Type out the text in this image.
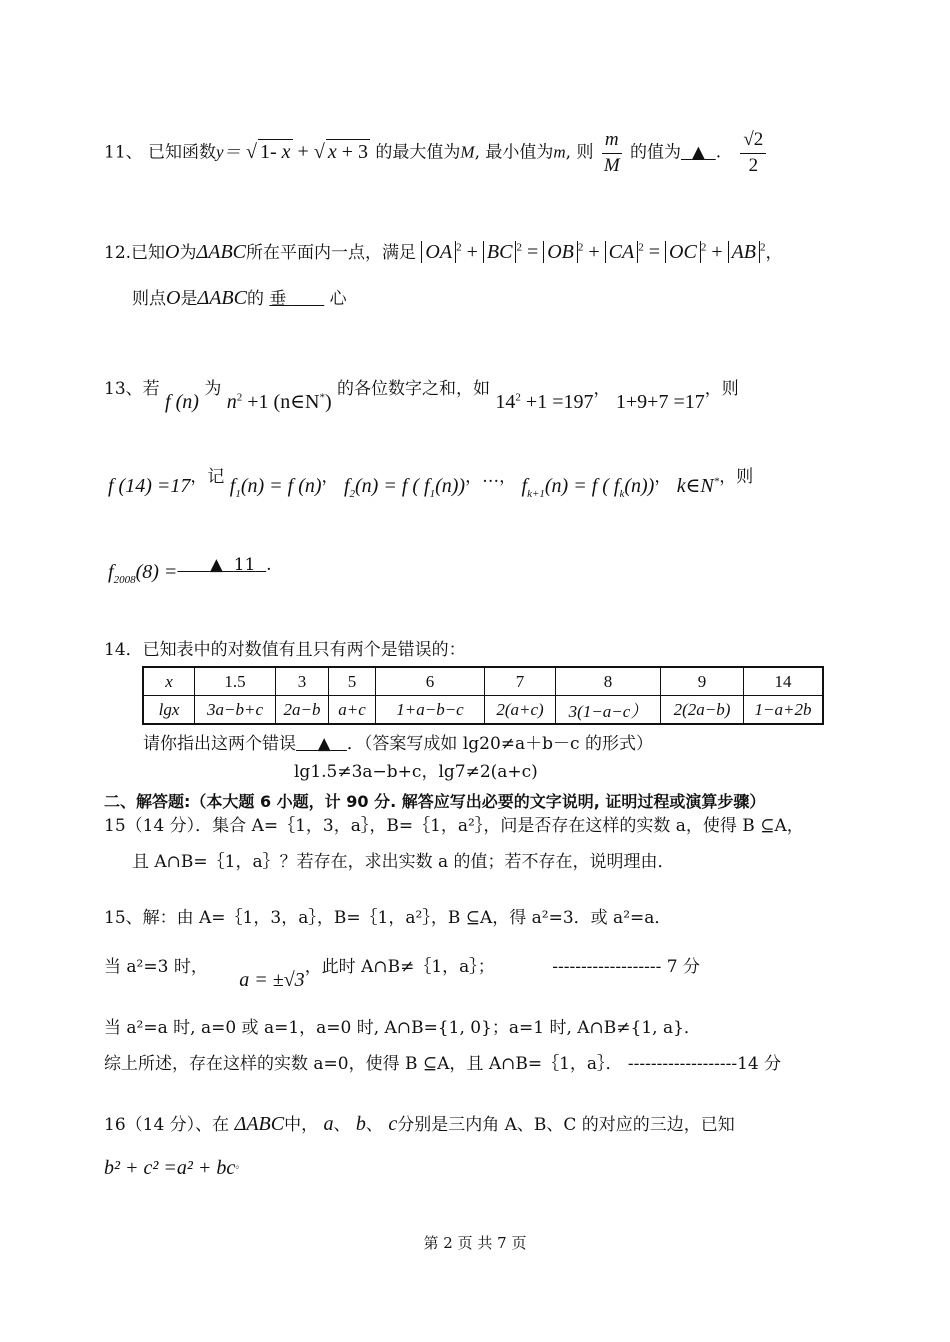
11、 已知函数y＝ √ 1- x + √ x + 3 的最大值为M, 最小值为m, 则 $\frac{m}{M}$ 的值为 ▲ . $\frac{√2}{2}$
12.已知O为ΔABC所在平面内一点，满足 OA $^2$ + BC $^2$ = OB $^2$ + CA $^2$ = OC $^2$ + AB $^2$，
则点O是ΔABC的 垂        心
13、若 f (n) 为 $n^2 +1$ (n∈N*) 的各位数字之和，如 $14^2 +1 =197$， 1+9+7 =17，则
f (14) =17，记 $f_1(n) = f$ (n)， $f_2(n) = f$ ( $f_1(n)$)，…， $f_{k+1}(n) = f$ ( $f_k(n)$)， k∈N*，则
$f_{2008}(8)$ = ▲ 11 .
14．已知表中的对数值有且只有两个是错误的：
x	1.5	3	5	6	7	8	9	14
lgx	3a−b+c	2a−b	a+c	1+a−b−c	2(a+c)	3(1−a−c）	2(2a−b)	1−a+2b
请你指出这两个错误 ▲ ．（答案写成如 lg20≠a＋b－c 的形式）
lg1.5≠3a−b+c，lg7≠2(a+c)
二、解答题:（本大题 6 小题，计 90 分. 解答应写出必要的文字说明, 证明过程或演算步骤）
15（14 分）．集合 A=｛1，3，a｝，B=｛1，a²｝，问是否存在这样的实数 a，使得 B ⊆A，
且 A∩B=｛1，a｝？若存在，求出实数 a 的值；若不存在，说明理由．
15、解：由 A=｛1，3，a｝，B=｛1，a²｝，B ⊆A，得 a²=3．或 a²=a．
当 a²=3 时， a = ±√3，此时 A∩B≠｛1，a｝；	------------------- 7 分
当 a²=a 时, a=0 或 a=1，a=0 时, A∩B={1, 0}；a=1 时, A∩B≠{1, a}．
综上所述，存在这样的实数 a=0，使得 B ⊆A，且 A∩B=｛1，a｝． -------------------14 分
16（14 分）、在 ΔABC中， a、 b、 c分别是三内角 A、B、C 的对应的三边，已知
b² + c² =a² + bc。
第 2 页 共 7 页
